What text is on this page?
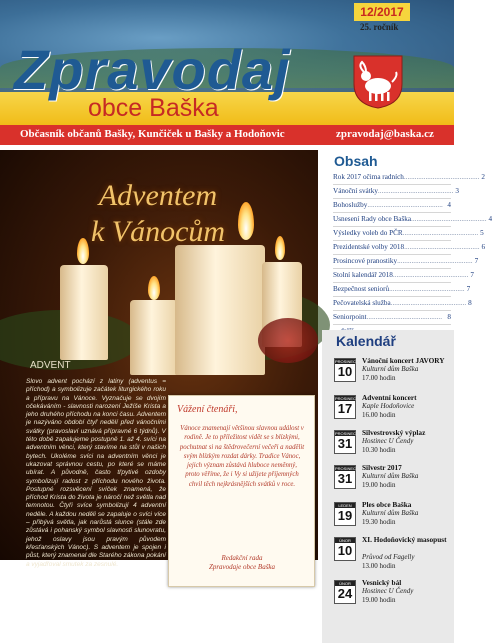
Zpravodaj
obce Baška
12/2017
25. ročník
Občasník občanů Bašky, Kunčiček u Bašky a Hodoňovic	zpravodaj@baska.cz
Adventem
k Vánocům
ADVENT
Slovo advent pochází z latiny (adventus = příchod) a symbolizuje začátek liturgického roku a přípravu na Vánoce. Vyznačuje se dvojím očekáváním - slavnosti narození Ježíše Krista a jeho druhého příchodu na konci času. Adventem je nazýváno období čtyř nedělí před vánočními svátky (pravoslaví uznává přípravné 6 týdnů). V této době zapalujeme postupně 1. až 4. svíci na adventním věnci, který stavíme na stůl v našich bytech. Ukoléme svíci na adventním věnci je ukazovat správnou cestu, po které se máme ubírat. A původně, často třpytivé ozdoby symbolizují radost z příchodu nového života. Postupné rozsvěcení svíček znamená, že příchod Krista do života je náročí než světla nad temnotou. Čtyři svíce symbolizují 4 adventní neděle. A každou neděli se zapaluje o svíci více – přibývá světla, jak narůstá slunce (stále zde zůstává i pohanský symbol slavnosti slunovratu, jehož oslavy jsou pravým původem křesťanských Vánoc). S adventem je spojen i půst, který znamenal dle Starého zákona pokání a vyjadřoval smutek za zesnulé.
Vážení čtenáři,
Vánoce znamenají většinou slavnou událost v rodině. Je to příležitost vidět se s blízkými, pochutnat si na štědrovečerní večeři a nadělit svým blízkým rozdat dárky. Tradice Vánoc, jejich význam zůstává hluboce neměnný, proto věříme, že i Vy si užijete příjemných chvil těch nejkrásnějších svátků v roce.
Redakční rada
Zpravodaje obce Baška
Obsah
Rok 2017 očima radních .......................................... 2
Vánoční svátky .......................................... 3
Bohoslužby .......................................... 4
Usnesení Rady obce Baška .......................................... 4
Výsledky voleb do PČR .......................................... 5
Prezidentské volby 2018 .......................................... 6
Prosincové pranostiky .......................................... 7
Stolní kalendář 2018 .......................................... 7
Bezpečnost seniorů .......................................... 7
Pečovatelská služba .......................................... 8
Seniorpoint .......................................... 8
Kalendář
PROSINEC
10
Vánoční koncert JAVORY
Kulturní dům Baška
17.00 hodin
PROSINEC
17
Adventní koncert
Kaple Hodoňovice
16.00 hodin
PROSINEC
31
Silvestrovský výplaz
Hostinec U Čendy
10.30 hodin
PROSINEC
31
Silvestr 2017
Kulturní dům Baška
19.00 hodin
LEDEN
19
Ples obce Baška
Kulturní dům Baška
19.30 hodin
ÚNOR
10
XI. Hodoňovický masopust
Průvod od Fagelly
13.00 hodin
ÚNOR
24
Vesnický bál
Hostinec U Čendy
19.00 hodin
